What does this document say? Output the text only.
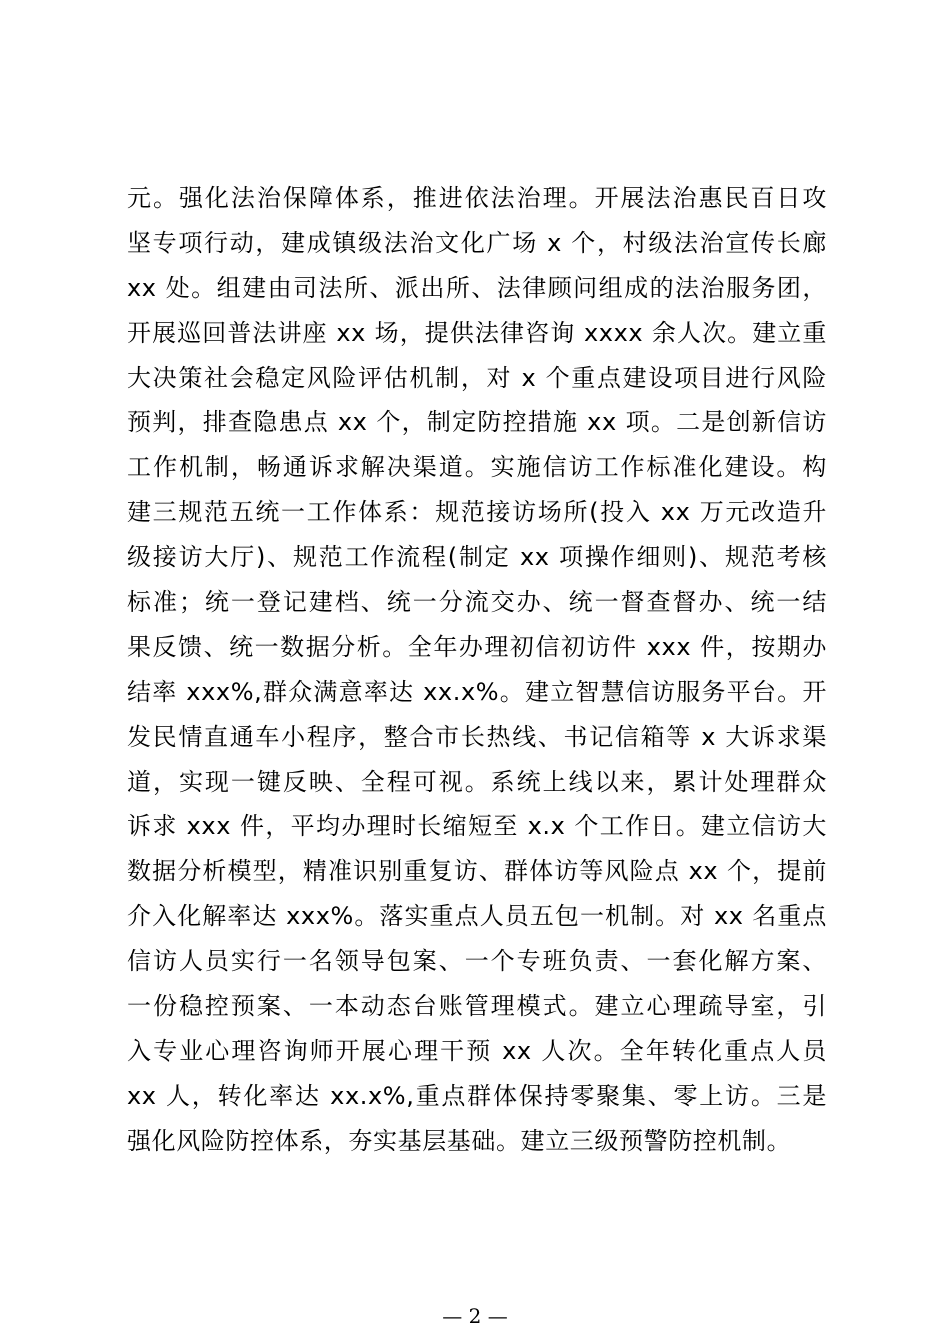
元。强化法治保障体系，推进依法治理。开展法治惠民百日攻
坚专项行动，建成镇级法治文化广场 x 个，村级法治宣传长廊
xx 处。组建由司法所、派出所、法律顾问组成的法治服务团，
开展巡回普法讲座 xx 场，提供法律咨询 xxxx 余人次。建立重
大决策社会稳定风险评估机制，对 x 个重点建设项目进行风险
预判，排查隐患点 xx 个，制定防控措施 xx 项。二是创新信访
工作机制，畅通诉求解决渠道。实施信访工作标准化建设。构
建三规范五统一工作体系：规范接访场所(投入 xx 万元改造升
级接访大厅)、规范工作流程(制定 xx 项操作细则)、规范考核
标准；统一登记建档、统一分流交办、统一督查督办、统一结
果反馈、统一数据分析。全年办理初信初访件 xxx 件，按期办
结率 xxx%,群众满意率达 xx.x%。建立智慧信访服务平台。开
发民情直通车小程序，整合市长热线、书记信箱等 x 大诉求渠
道，实现一键反映、全程可视。系统上线以来，累计处理群众
诉求 xxx 件，平均办理时长缩短至 x.x 个工作日。建立信访大
数据分析模型，精准识别重复访、群体访等风险点 xx 个，提前
介入化解率达 xxx%。落实重点人员五包一机制。对 xx 名重点
信访人员实行一名领导包案、一个专班负责、一套化解方案、
一份稳控预案、一本动态台账管理模式。建立心理疏导室，引
入专业心理咨询师开展心理干预 xx 人次。全年转化重点人员
xx 人，转化率达 xx.x%,重点群体保持零聚集、零上访。三是
强化风险防控体系，夯实基层基础。建立三级预警防控机制。
— 2 —
